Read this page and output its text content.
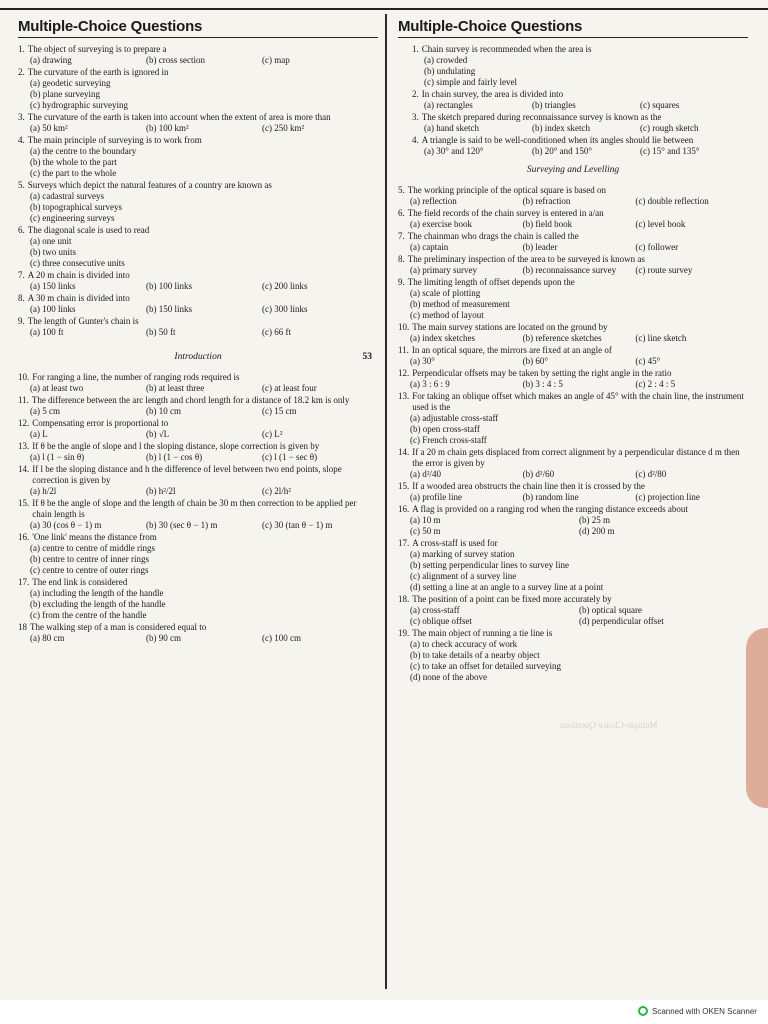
Multiple-Choice Questions
Multiple-Choice Questions
1. The object of surveying is to prepare a
(a) drawing	(b) cross section	(c) map
2. The curvature of the earth is ignored in
(a) geodetic surveying
(b) plane surveying
(c) hydrographic surveying
3. The curvature of the earth is taken into account when the extent of area is more than
(a) 50 km²	(b) 100 km²	(c) 250 km²
4. The main principle of surveying is to work from
(a) the centre to the boundary
(b) the whole to the part
(c) the part to the whole
5. Surveys which depict the natural features of a country are known as
(a) cadastral surveys
(b) topographical surveys
(c) engineering surveys
6. The diagonal scale is used to read
(a) one unit
(b) two units
(c) three consecutive units
7. A 20 m chain is divided into
(a) 150 links	(b) 100 links	(c) 200 links
8. A 30 m chain is divided into
(a) 100 links	(b) 150 links	(c) 300 links
9. The length of Gunter's chain is
(a) 100 ft	(b) 50 ft	(c) 66 ft
Introduction	53
10. For ranging a line, the number of ranging rods required is
(a) at least two	(b) at least three	(c) at least four
11. The difference between the arc length and chord length for a distance of 18.2 km is only
(a) 5 cm	(b) 10 cm	(c) 15 cm
12. Compensating error is proportional to
(a) L	(b) √L	(c) L²
13. If θ be the angle of slope and l the sloping distance, slope correction is given by
(a) l (1 − sin θ)	(b) l (1 − cos θ)	(c) l (1 − sec θ)
14. If l be the sloping distance and h the difference of level between two end points, slope correction is given by
(a) h/2l	(b) h²/2l	(c) 2l/h²
15. If θ be the angle of slope and the length of chain be 30 m then correction to be applied per chain length is
(a) 30 (cos θ − 1) m	(b) 30 (sec θ − 1) m	(c) 30 (tan θ − 1) m
16. 'One link' means the distance from
(a) centre to centre of middle rings
(b) centre to centre of inner rings
(c) centre to centre of outer rings
17. The end link is considered
(a) including the length of the handle
(b) excluding the length of the handle
(c) from the centre of the handle
18 The walking step of a man is considered equal to
(a) 80 cm	(b) 90 cm	(c) 100 cm
Multiple-Choice Questions
1. Chain survey is recommended when the area is
(a) crowded
(b) undulating
(c) simple and fairly level
2. In chain survey, the area is divided into
(a) rectangles	(b) triangles	(c) squares
3. The sketch prepared during reconnaissance survey is known as the
(a) hand sketch	(b) index sketch	(c) rough sketch
4. A triangle is said to be well-conditioned when its angles should lie between
(a) 30° and 120°	(b) 20° and 150°	(c) 15° and 135°
Surveying and Levelling
5. The working principle of the optical square is based on
(a) reflection	(b) refraction	(c) double reflection
6. The field records of the chain survey is entered in a/an
(a) exercise book	(b) field book	(c) level book
7. The chainman who drags the chain is called the
(a) captain	(b) leader	(c) follower
8. The preliminary inspection of the area to be surveyed is known as
(a) primary survey	(b) reconnaissance survey	(c) route survey
9. The limiting length of offset depends upon the
(a) scale of plotting
(b) method of measurement
(c) method of layout
10. The main survey stations are located on the ground by
(a) index sketches	(b) reference sketches	(c) line sketch
11. In an optical square, the mirrors are fixed at an angle of
(a) 30°	(b) 60°	(c) 45°
12. Perpendicular offsets may be taken by setting the right angle in the ratio
(a) 3 : 6 : 9	(b) 3 : 4 : 5	(c) 2 : 4 : 5
13. For taking an oblique offset which makes an angle of 45° with the chain line, the instrument used is the
(a) adjustable cross-staff
(b) open cross-staff
(c) French cross-staff
14. If a 20 m chain gets displaced from correct alignment by a perpendicular distance d m then the error is given by
(a) d²/40	(b) d²/60	(c) d²/80
15. If a wooded area obstructs the chain line then it is crossed by the
(a) profile line	(b) random line	(c) projection line
16. A flag is provided on a ranging rod when the ranging distance exceeds about
(a) 10 m	(b) 25 m
(c) 50 m	(d) 200 m
17. A cross-staff is used for
(a) marking of survey station
(b) setting perpendicular lines to survey line
(c) alignment of a survey line
(d) setting a line at an angle to a survey line at a point
18. The position of a point can be fixed more accurately by
(a) cross-staff	(b) optical square
(c) oblique offset	(d) perpendicular offset
19. The main object of running a tie line is
(a) to check accuracy of work
(b) to take details of a nearby object
(c) to take an offset for detailed surveying
(d) none of the above
Scanned with OKEN Scanner
